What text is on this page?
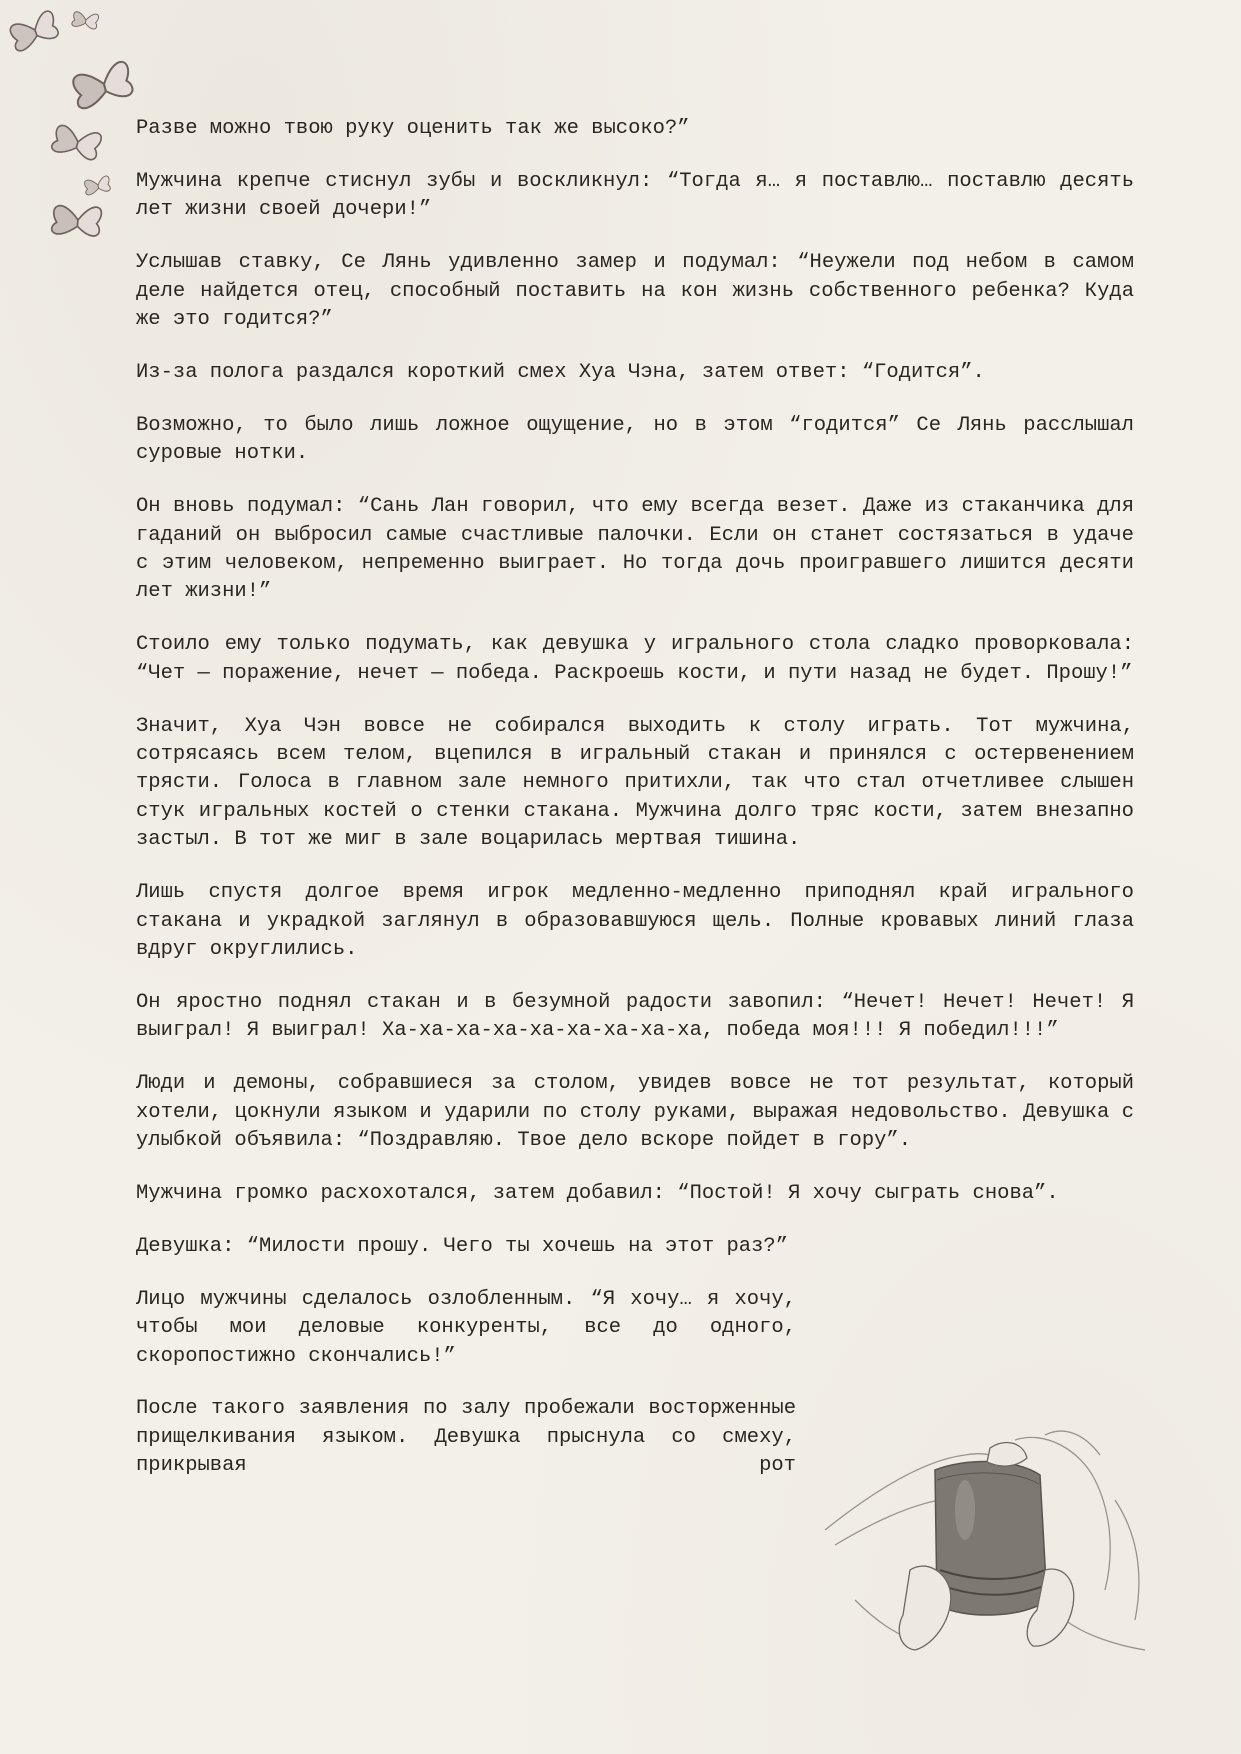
Разве можно твою руку оценить так же высоко?”

Мужчина крепче стиснул зубы и воскликнул: “Тогда я… я поставлю… поставлю десять лет жизни своей дочери!”

Услышав ставку, Се Лянь удивленно замер и подумал: “Неужели под небом в самом деле найдется отец, способный поставить на кон жизнь собственного ребенка? Куда же это годится?”

Из-за полога раздался короткий смех Хуа Чэна, затем ответ: “Годится”.

Возможно, то было лишь ложное ощущение, но в этом “годится” Се Лянь расслышал суровые нотки.

Он вновь подумал: “Сань Лан говорил, что ему всегда везет. Даже из стаканчика для гаданий он выбросил самые счастливые палочки. Если он станет состязаться в удаче с этим человеком, непременно выиграет. Но тогда дочь проигравшего лишится десяти лет жизни!”

Стоило ему только подумать, как девушка у игрального стола сладко проворковала: “Чет — поражение, нечет — победа. Раскроешь кости, и пути назад не будет. Прошу!”

Значит, Хуа Чэн вовсе не собирался выходить к столу играть. Тот мужчина, сотрясаясь всем телом, вцепился в игральный стакан и принялся с остервенением трясти. Голоса в главном зале немного притихли, так что стал отчетливее слышен стук игральных костей о стенки стакана. Мужчина долго тряс кости, затем внезапно застыл. В тот же миг в зале воцарилась мертвая тишина.

Лишь спустя долгое время игрок медленно-медленно приподнял край игрального стакана и украдкой заглянул в образовавшуюся щель. Полные кровавых линий глаза вдруг округлились.

Он яростно поднял стакан и в безумной радости завопил: “Нечет! Нечет! Нечет! Я выиграл! Я выиграл! Ха-ха-ха-ха-ха-ха-ха-ха-ха, победа моя!!! Я победил!!!”

Люди и демоны, собравшиеся за столом, увидев вовсе не тот результат, который хотели, цокнули языком и ударили по столу руками, выражая недовольство. Девушка с улыбкой объявила: “Поздравляю. Твое дело вскоре пойдет в гору”.

Мужчина громко расхохотался, затем добавил: “Постой! Я хочу сыграть снова”.

Девушка: “Милости прошу. Чего ты хочешь на этот раз?”

Лицо мужчины сделалось озлобленным. “Я хочу… я хочу, чтобы мои деловые конкуренты, все до одного, скоропостижно скончались!”

После такого заявления по залу пробежали восторженные прищелкивания языком. Девушка прыснула со смеху, прикрывая рот
